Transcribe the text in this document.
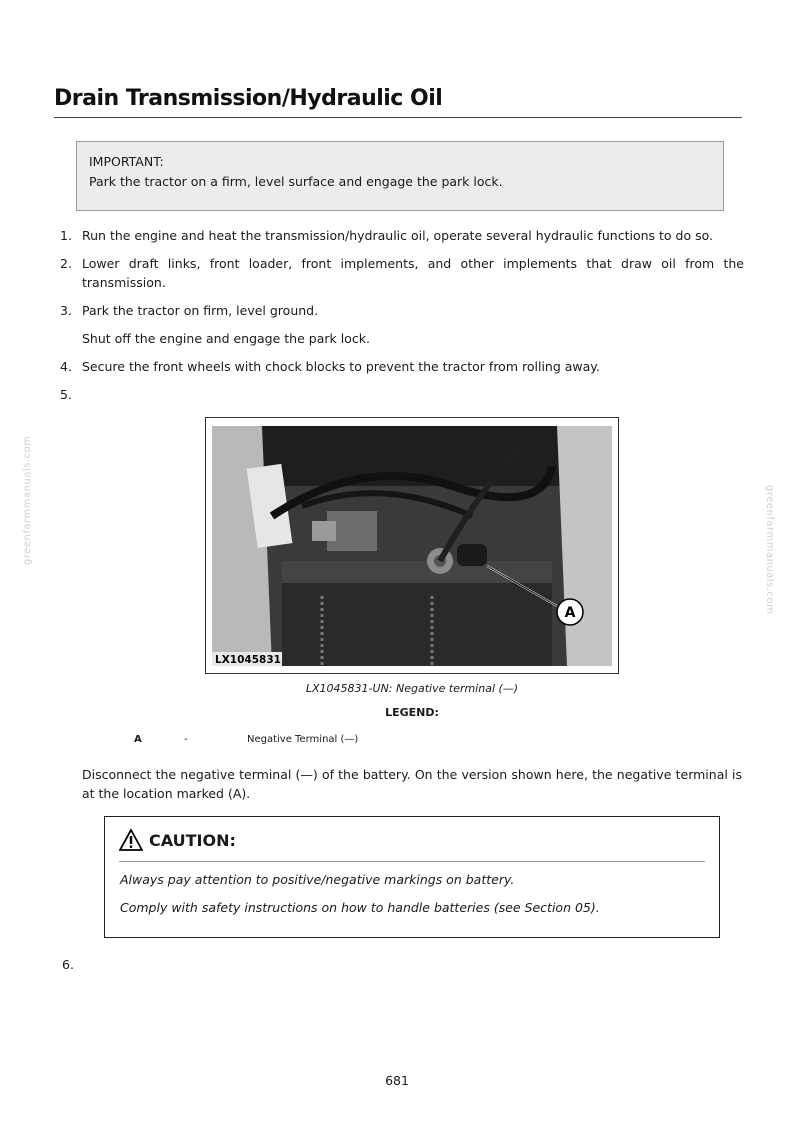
greenfarmmanuals.com	greenfarmmanuals.com
Drain Transmission/Hydraulic Oil
IMPORTANT:
Park the tractor on a firm, level surface and engage the park lock.
1. Run the engine and heat the transmission/hydraulic oil, operate several hydraulic functions to do so.
2. Lower draft links, front loader, front implements, and other implements that draw oil from the transmission.
3. Park the tractor on firm, level ground.
Shut off the engine and engage the park lock.
4. Secure the front wheels with chock blocks to prevent the tractor from rolling away.
5.

A
LX1045831
LX1045831-UN: Negative terminal (—)
LEGEND:
A	-	Negative Terminal (—)
Disconnect the negative terminal (—) of the battery. On the version shown here, the negative terminal is at the location marked (A).
CAUTION:
Always pay attention to positive/negative markings on battery.
Comply with safety instructions on how to handle batteries (see Section 05).
6.
681
